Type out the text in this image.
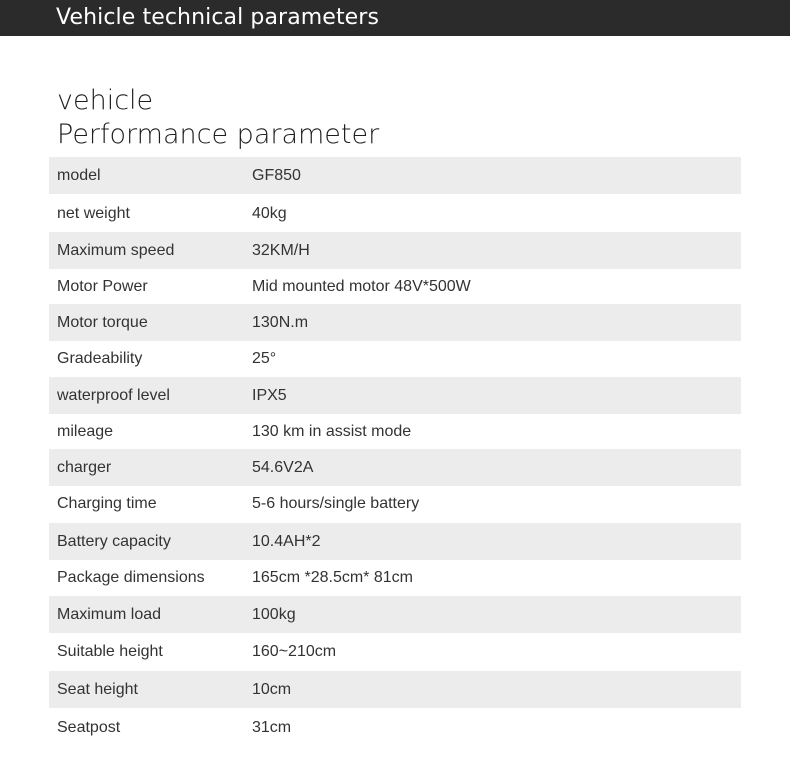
Vehicle technical parameters
vehicle
Performance parameter
model	GF850
net weight	40kg
Maximum speed	32KM/H
Motor Power	Mid mounted motor 48V*500W
Motor torque	130N.m
Gradeability	25°
waterproof level	IPX5
mileage	130 km in assist mode
charger	54.6V2A
Charging time	5-6 hours/single battery
Battery capacity	10.4AH*2
Package dimensions	165cm *28.5cm* 81cm
Maximum load	100kg
Suitable height	160~210cm
Seat height	10cm
Seatpost	31cm
